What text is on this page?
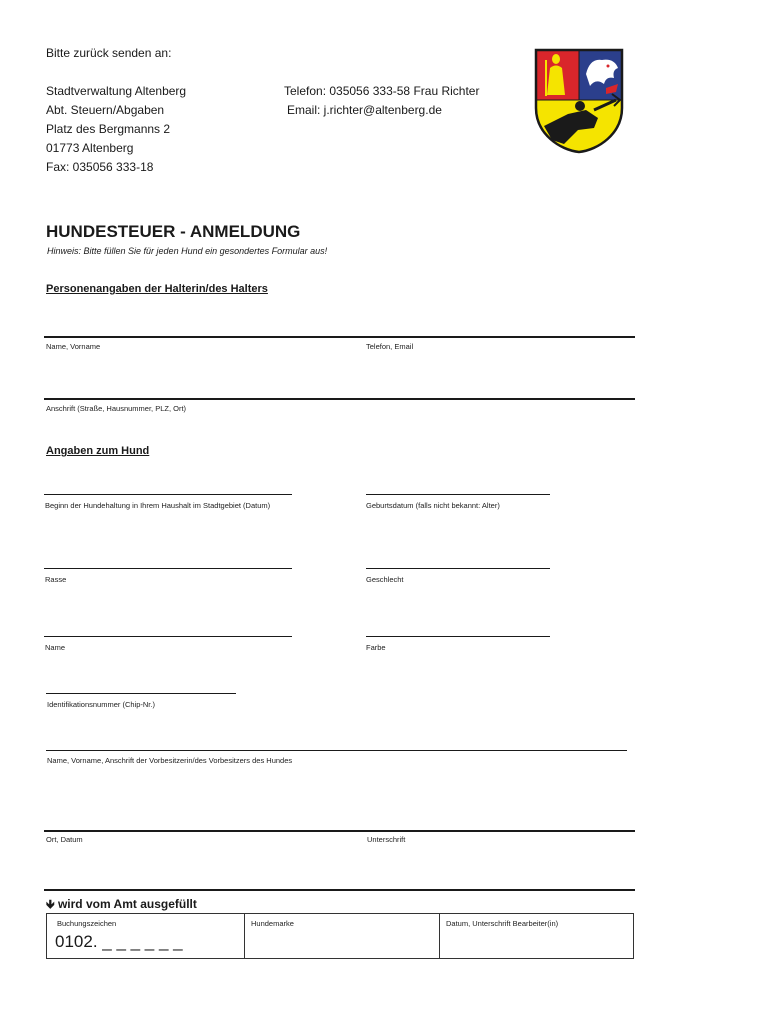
Bitte zurück senden an:
Stadtverwaltung Altenberg
Abt. Steuern/Abgaben
Platz des Bergmanns 2
01773 Altenberg
Fax: 035056 333-18
Telefon: 035056 333-58 Frau Richter
Email: j.richter@altenberg.de
HUNDESTEUER - ANMELDUNG
Hinweis: Bitte füllen Sie für jeden Hund ein gesondertes Formular aus!
Personenangaben der Halterin/des Halters
Name, Vorname	Telefon, Email
Anschrift (Straße, Hausnummer, PLZ, Ort)
Angaben zum Hund
Beginn der Hundehaltung in Ihrem Haushalt im Stadtgebiet (Datum)	Geburtsdatum (falls nicht bekannt: Alter)
Rasse	Geschlecht
Name	Farbe
Identifikationsnummer (Chip-Nr.)
Name, Vorname, Anschrift der Vorbesitzerin/des Vorbesitzers des Hundes
Ort, Datum	Unterschrift
🡻 wird vom Amt ausgefüllt
Buchungszeichen
0102. _ _ _ _ _ _
Hundemarke	Datum, Unterschrift Bearbeiter(in)
